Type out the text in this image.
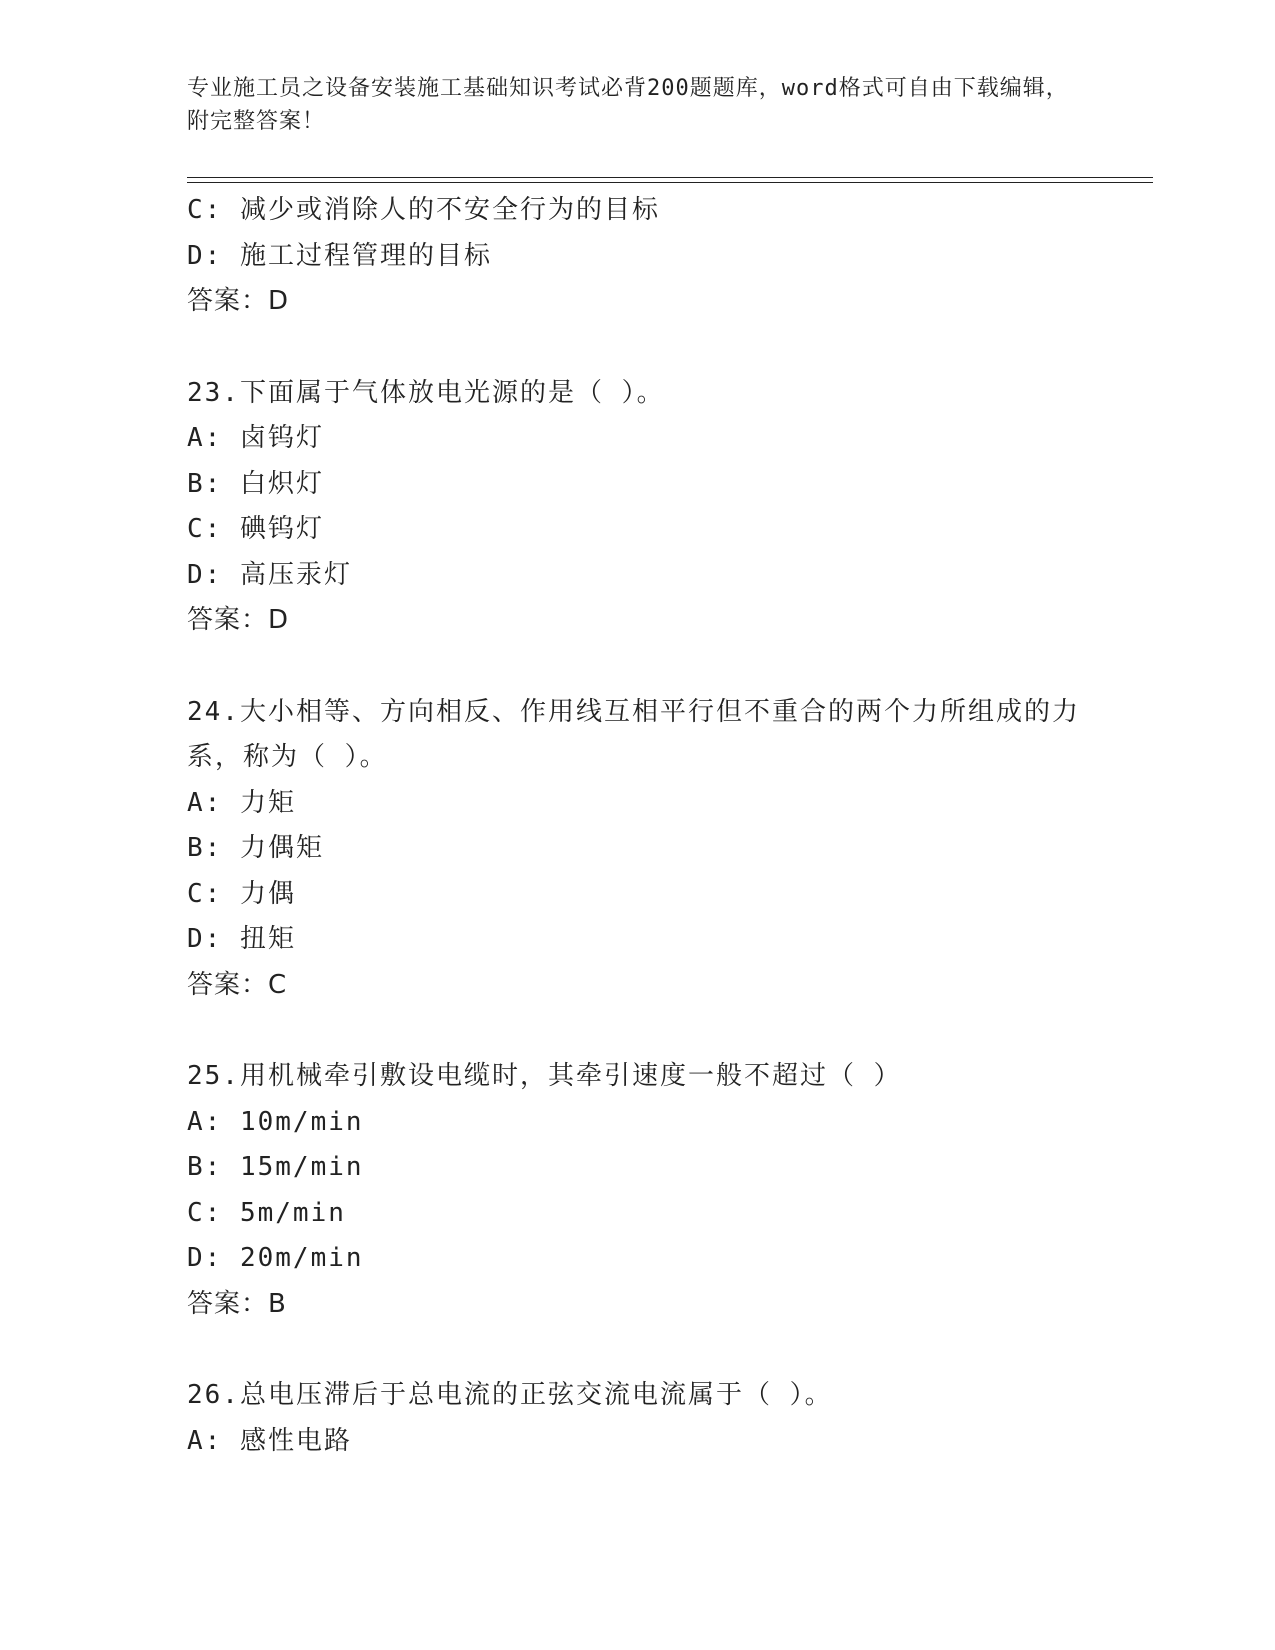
专业施工员之设备安装施工基础知识考试必背200题题库，word格式可自由下载编辑，附完整答案！
C: 减少或消除人的不安全行为的目标
D: 施工过程管理的目标
答案：D
23.下面属于气体放电光源的是（ ）。
A: 卤钨灯
B: 白炽灯
C: 碘钨灯
D: 高压汞灯
答案：D
24.大小相等、方向相反、作用线互相平行但不重合的两个力所组成的力系，称为（ ）。
A: 力矩
B: 力偶矩
C: 力偶
D: 扭矩
答案：C
25.用机械牵引敷设电缆时，其牵引速度一般不超过（ ）
A: 10m/min
B: 15m/min
C: 5m/min
D: 20m/min
答案：B
26.总电压滞后于总电流的正弦交流电流属于（ ）。
A: 感性电路
